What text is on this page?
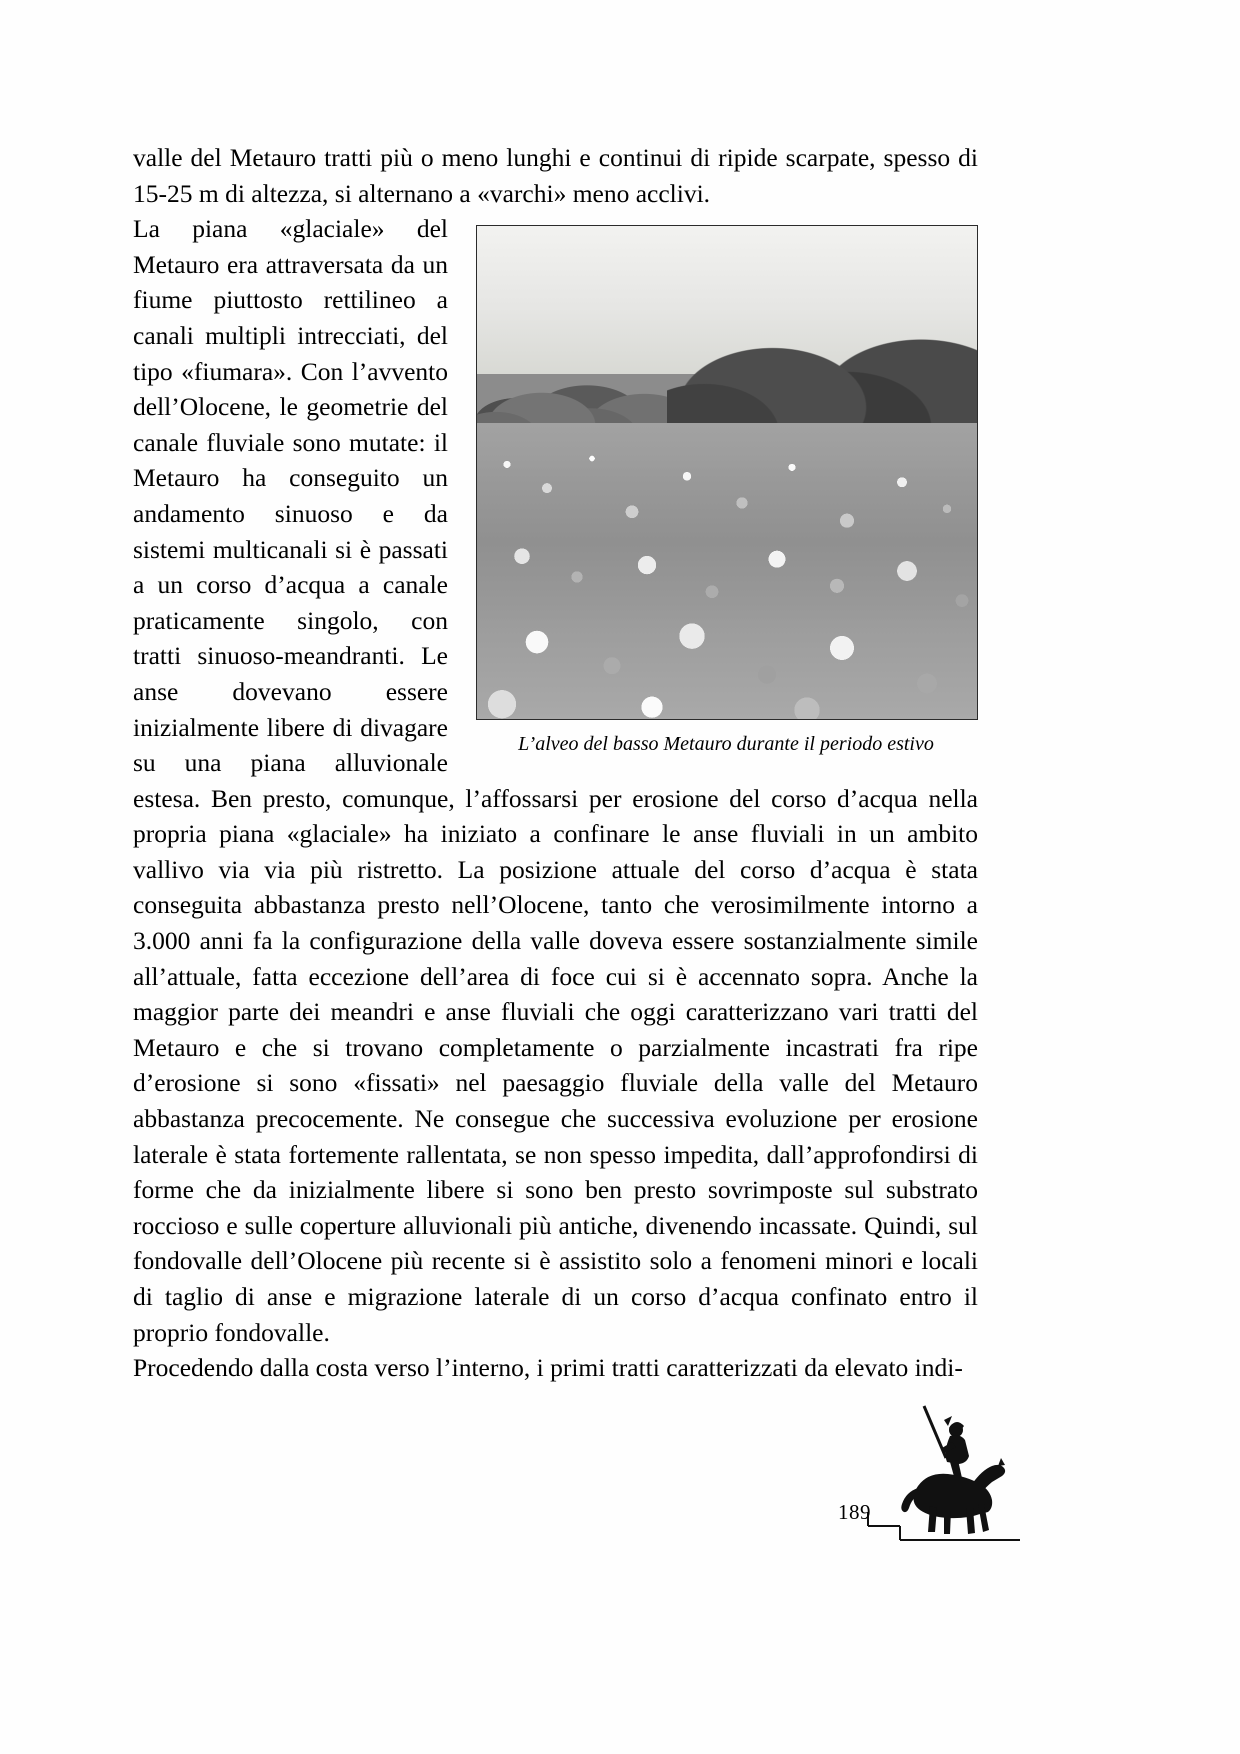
valle del Metauro tratti più o meno lunghi e continui di ripide scarpate, spesso di 15-25 m di altezza, si alternano a «varchi» meno acclivi.

L’alveo del basso Metauro durante il periodo estivo

La piana «glaciale» del Metauro era attraversata da un fiume piuttosto rettilineo a canali multipli intrecciati, del tipo «fiumara». Con l’avvento dell’Olocene, le geometrie del canale fluviale sono mutate: il Metauro ha conseguito un andamento sinuoso e da sistemi multicanali si è passati a un corso d’acqua a canale praticamente singolo, con tratti sinuoso-meandranti. Le anse dovevano essere inizialmente libere di divagare su una piana alluvionale estesa. Ben presto, comunque, l’affossarsi per erosione del corso d’acqua nella propria piana «glaciale» ha iniziato a confinare le anse fluviali in un ambito vallivo via via più ristretto. La posizione attuale del corso d’acqua è stata conseguita abbastanza presto nell’Olocene, tanto che verosimilmente intorno a 3.000 anni fa la configurazione della valle doveva essere sostanzialmente simile all’attuale, fatta eccezione dell’area di foce cui si è accennato sopra. Anche la maggior parte dei meandri e anse fluviali che oggi caratterizzano vari tratti del Metauro e che si trovano completamente o parzialmente incastrati fra ripe d’erosione si sono «fissati» nel paesaggio fluviale della valle del Metauro abbastanza precocemente. Ne consegue che successiva evoluzione per erosione laterale è stata fortemente rallentata, se non spesso impedita, dall’approfondirsi di forme che da inizialmente libere si sono ben presto sovrimposte sul substrato roccioso e sulle coperture alluvionali più antiche, divenendo incassate. Quindi, sul fondovalle dell’Olocene più recente si è assistito solo a fenomeni minori e locali di taglio di anse e migrazione laterale di un corso d’acqua confinato entro il proprio fondovalle.

Procedendo dalla costa verso l’interno, i primi tratti caratterizzati da elevato indi-

189
